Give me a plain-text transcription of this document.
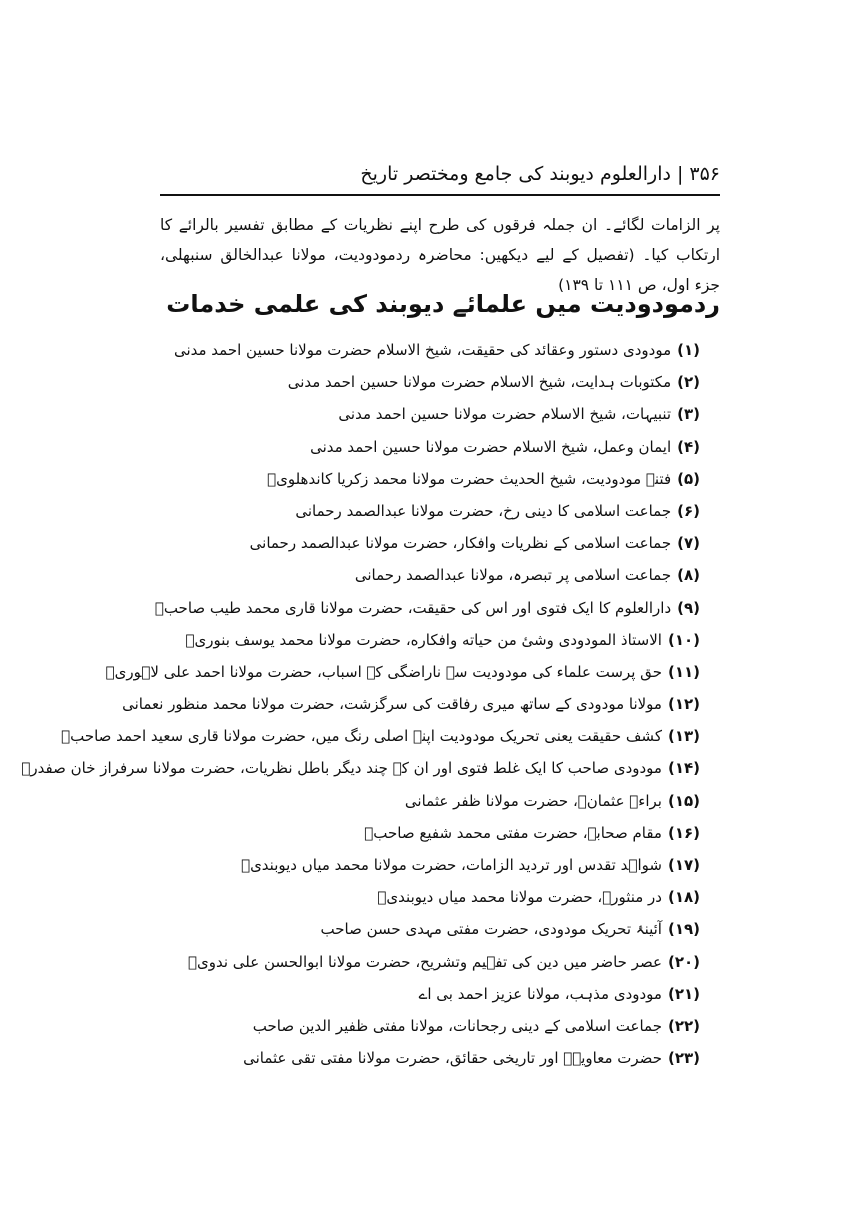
۳۵۶|دارالعلوم دیوبند کی جامع ومختصر تاریخ

پر الزامات لگائے۔ ان جملہ فرقوں کی طرح اپنے نظریات کے مطابق تفسیر بالرائے کا ارتکاب کیا۔ (تفصیل کے لیے دیکھیں: محاضرہ ردمودودیت، مولانا عبدالخالق سنبھلی، جزء اول، ص ۱۱۱ تا ۱۳۹)

ردمودودیت میں علمائے دیوبند کی علمی خدمات
(۱)مودودی دستور وعقائد کی حقیقت، شیخ الاسلام حضرت مولانا حسین احمد مدنی
(۲)مکتوبات ہدایت، شیخ الاسلام حضرت مولانا حسین احمد مدنی
(۳)تنبیہات، شیخ الاسلام حضرت مولانا حسین احمد مدنی
(۴)ایمان وعمل، شیخ الاسلام حضرت مولانا حسین احمد مدنی
(۵)فتنۂ مودودیت، شیخ الحدیث حضرت مولانا محمد زکریا کاندھلویؒ
(۶)جماعت اسلامی کا دینی رخ، حضرت مولانا عبدالصمد رحمانی
(۷)جماعت اسلامی کے نظریات وافکار، حضرت مولانا عبدالصمد رحمانی
(۸)جماعت اسلامی پر تبصرہ، مولانا عبدالصمد رحمانی
(۹)دارالعلوم کا ایک فتوی اور اس کی حقیقت، حضرت مولانا قاری محمد طیب صاحبؒ
(۱۰)الاستاذ المودودی وشیٔ من حیاته وافکاره، حضرت مولانا محمد یوسف بنوریؒ
(۱۱)حق پرست علماء کی مودودیت سے ناراضگی کے اسباب، حضرت مولانا احمد علی لاہوریؒ
(۱۲)مولانا مودودی کے ساتھ میری رفاقت کی سرگزشت، حضرت مولانا محمد منظور نعمانی
(۱۳)کشف حقیقت یعنی تحریک مودودیت اپنے اصلی رنگ میں، حضرت مولانا قاری سعید احمد صاحبؒ
(۱۴)مودودی صاحب کا ایک غلط فتوی اور ان کے چند دیگر باطل نظریات، حضرت مولانا سرفراز خان صفدرؒ
(۱۵)براءۃ عثمانؓ، حضرت مولانا ظفر عثمانی
(۱۶)مقام صحابہ، حضرت مفتی محمد شفیع صاحبؒ
(۱۷)شواہد تقدس اور تردید الزامات، حضرت مولانا محمد میاں دیوبندیؒ
(۱۸)در منثورہ، حضرت مولانا محمد میاں دیوبندیؒ
(۱۹)آئینۂ تحریک مودودی، حضرت مفتی مہدی حسن صاحب
(۲۰)عصر حاضر میں دین کی تفہیم وتشریح، حضرت مولانا ابوالحسن علی ندویؒ
(۲۱)مودودی مذہب، مولانا عزیز احمد بی اے
(۲۲)جماعت اسلامی کے دینی رجحانات، مولانا مفتی ظفیر الدین صاحب
(۲۳)حضرت معاویہؓ اور تاریخی حقائق، حضرت مولانا مفتی تقی عثمانی
